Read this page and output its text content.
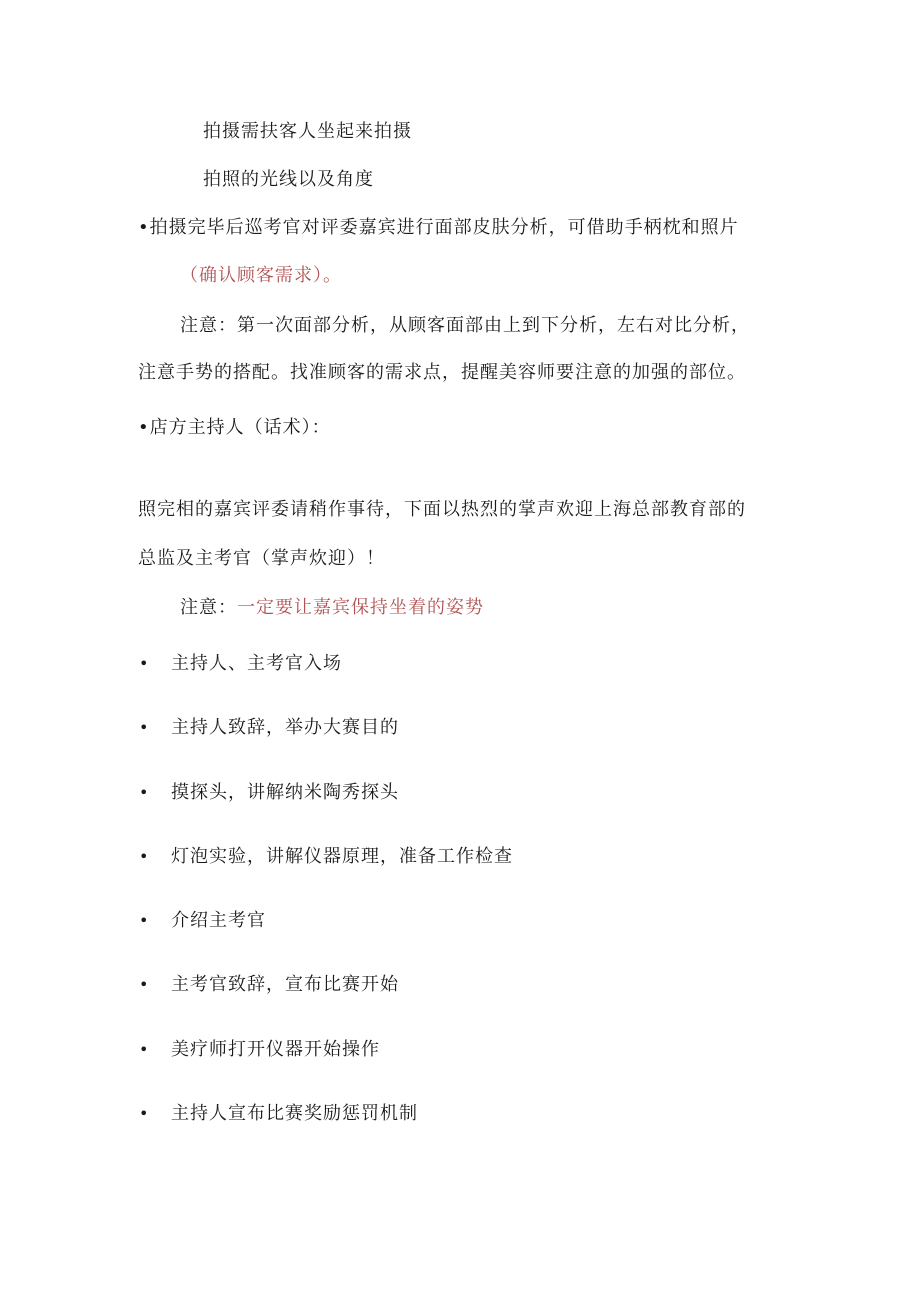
拍摄需扶客人坐起来拍摄
拍照的光线以及角度
•拍摄完毕后巡考官对评委嘉宾进行面部皮肤分析，可借助手柄枕和照片
（确认顾客需求）。
注意：第一次面部分析，从顾客面部由上到下分析，左右对比分析，
注意手势的搭配。找准顾客的需求点，提醒美容师要注意的加强的部位。
•店方主持人（话术）：
照完相的嘉宾评委请稍作事待，下面以热烈的掌声欢迎上海总部教育部的
总监及主考官（掌声炊迎）！
注意：一定要让嘉宾保持坐着的姿势
• 主持人、主考官入场
• 主持人致辞，举办大赛目的
• 摸探头，讲解纳米陶秀探头
• 灯泡实验，讲解仪器原理，准备工作检查
• 介绍主考官
• 主考官致辞，宣布比赛开始
• 美疗师打开仪器开始操作
• 主持人宣布比赛奖励惩罚机制
